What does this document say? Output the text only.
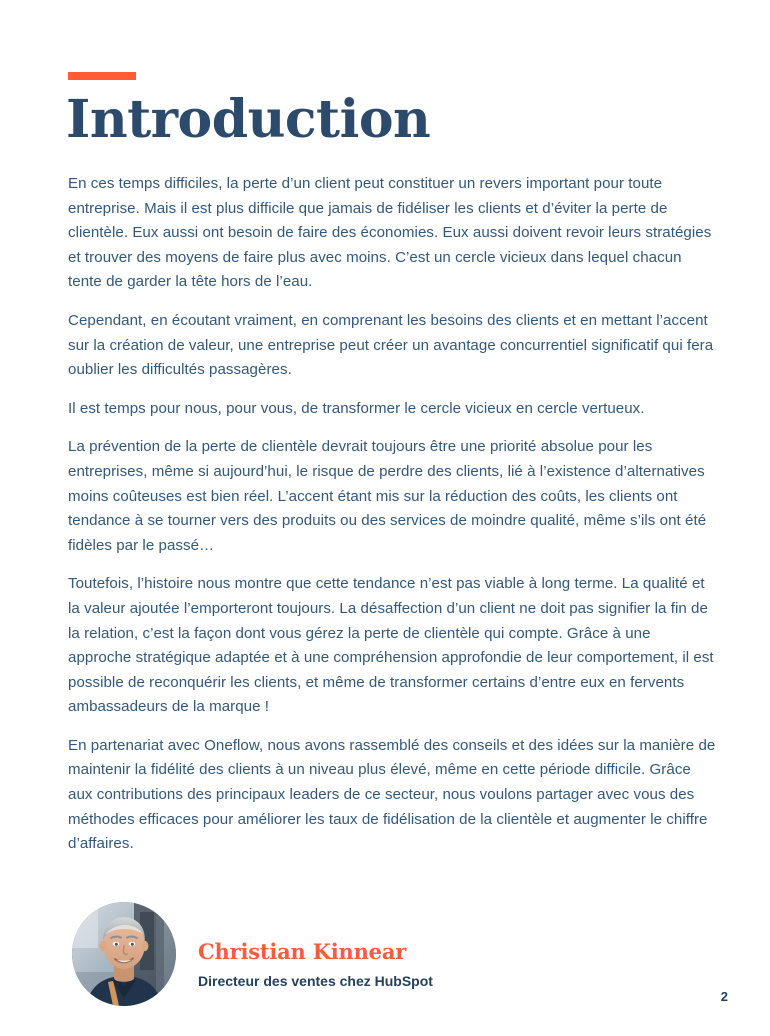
Introduction

En ces temps difficiles, la perte d’un client peut constituer un revers important pour toute entreprise. Mais il est plus difficile que jamais de fidéliser les clients et d’éviter la perte de clientèle. Eux aussi ont besoin de faire des économies. Eux aussi doivent revoir leurs stratégies et trouver des moyens de faire plus avec moins. C’est un cercle vicieux dans lequel chacun tente de garder la tête hors de l’eau.

Cependant, en écoutant vraiment, en comprenant les besoins des clients et en mettant l’accent sur la création de valeur, une entreprise peut créer un avantage concurrentiel significatif qui fera oublier les difficultés passagères.

Il est temps pour nous, pour vous, de transformer le cercle vicieux en cercle vertueux.

La prévention de la perte de clientèle devrait toujours être une priorité absolue pour les entreprises, même si aujourd’hui, le risque de perdre des clients, lié à l’existence d’alternatives moins coûteuses est bien réel. L’accent étant mis sur la réduction des coûts, les clients ont tendance à se tourner vers des produits ou des services de moindre qualité, même s’ils ont été fidèles par le passé…

Toutefois, l’histoire nous montre que cette tendance n’est pas viable à long terme. La qualité et la valeur ajoutée l’emporteront toujours. La désaffection d’un client ne doit pas signifier la fin de la relation, c’est la façon dont vous gérez la perte de clientèle qui compte. Grâce à une approche stratégique adaptée et à une compréhension approfondie de leur comportement, il est possible de reconquérir les clients, et même de transformer certains d’entre eux en fervents ambassadeurs de la marque !

En partenariat avec Oneflow, nous avons rassemblé des conseils et des idées sur la manière de maintenir la fidélité des clients à un niveau plus élevé, même en cette période difficile. Grâce aux contributions des principaux leaders de ce secteur, nous voulons partager avec vous des méthodes efficaces pour améliorer les taux de fidélisation de la clientèle et augmenter le chiffre d’affaires.

Christian Kinnear
Directeur des ventes chez HubSpot
2
